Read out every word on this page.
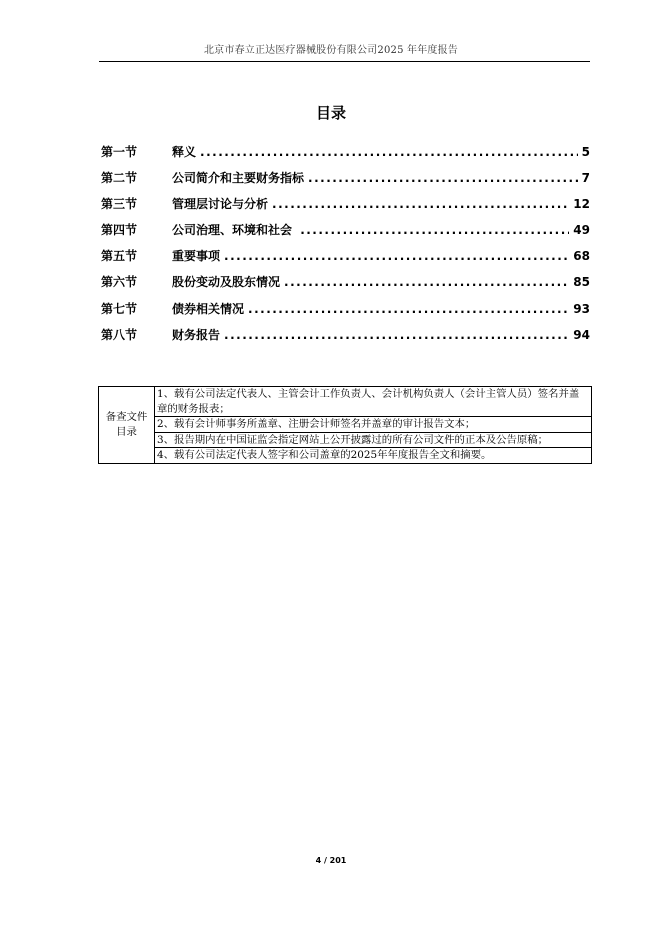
北京市春立正达医疗器械股份有限公司2025 年年度报告
目录
第一节	释义 .....	5
第二节	公司简介和主要财务指标 .....	7
第三节	管理层讨论与分析 .....	12
第四节	公司治理、环境和社会 .....	49
第五节	重要事项 .....	68
第六节	股份变动及股东情况 .....	85
第七节	债券相关情况 .....	93
第八节	财务报告 .....	94
备查文件
目录
	1、载有公司法定代表人、主管会计工作负责人、会计机构负责人（会计主管人员）签名并盖章的财务报表；
2、载有会计师事务所盖章、注册会计师签名并盖章的审计报告文本；
3、报告期内在中国证监会指定网站上公开披露过的所有公司文件的正本及公告原稿；
4、载有公司法定代表人签字和公司盖章的2025年年度报告全文和摘要。
4 / 201
